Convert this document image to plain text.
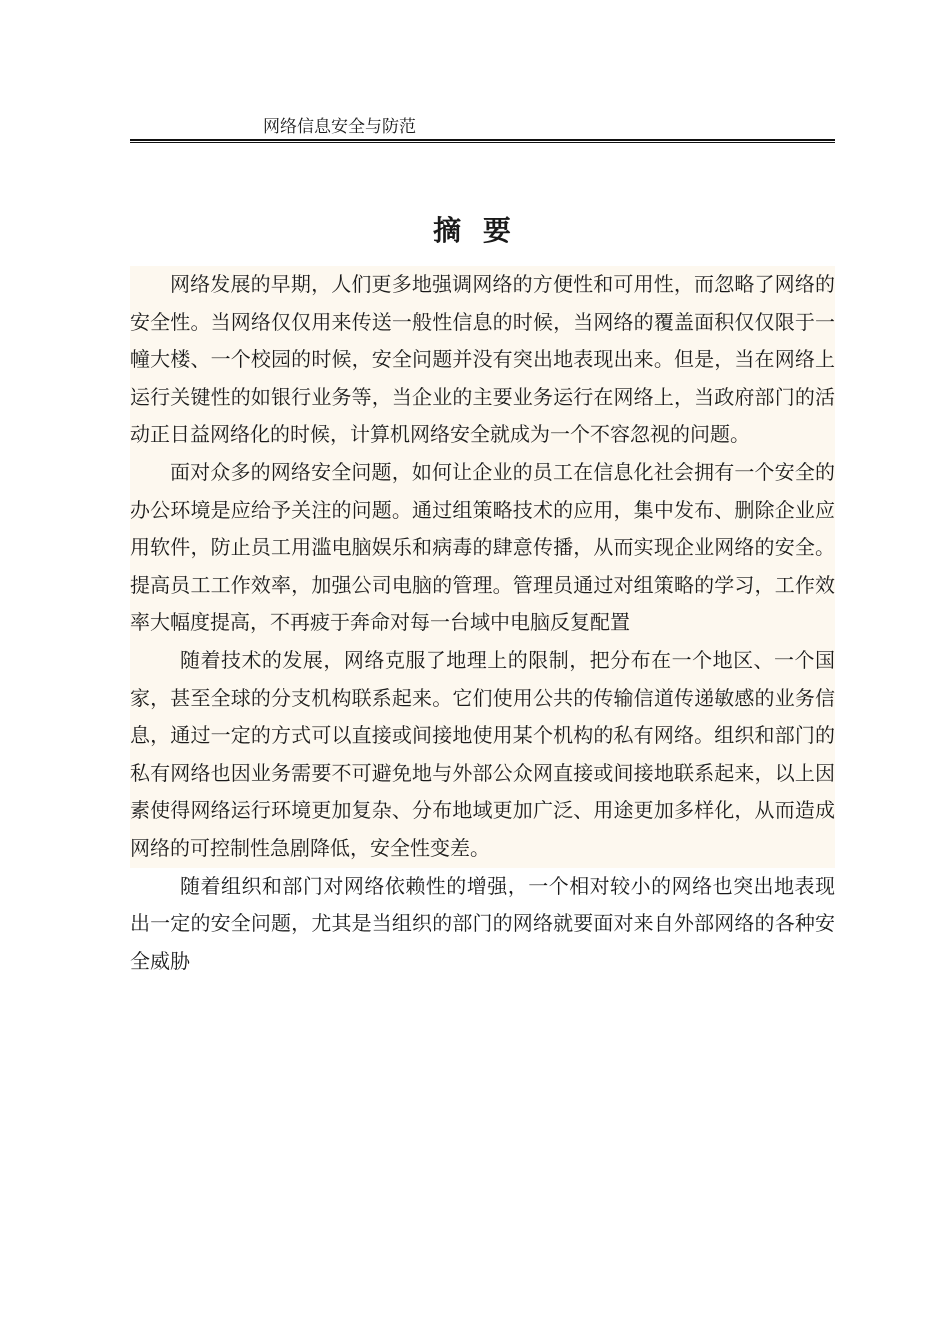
网络信息安全与防范
摘 要

网络发展的早期，人们更多地强调网络的方便性和可用性，而忽略了网络的安全性。当网络仅仅用来传送一般性信息的时候，当网络的覆盖面积仅仅限于一幢大楼、一个校园的时候，安全问题并没有突出地表现出来。但是，当在网络上运行关键性的如银行业务等，当企业的主要业务运行在网络上，当政府部门的活动正日益网络化的时候，计算机网络安全就成为一个不容忽视的问题。

面对众多的网络安全问题，如何让企业的员工在信息化社会拥有一个安全的办公环境是应给予关注的问题。通过组策略技术的应用，集中发布、删除企业应用软件，防止员工用滥电脑娱乐和病毒的肆意传播，从而实现企业网络的安全。提高员工工作效率，加强公司电脑的管理。管理员通过对组策略的学习，工作效率大幅度提高，不再疲于奔命对每一台域中电脑反复配置

随着技术的发展，网络克服了地理上的限制，把分布在一个地区、一个国家，甚至全球的分支机构联系起来。它们使用公共的传输信道传递敏感的业务信息，通过一定的方式可以直接或间接地使用某个机构的私有网络。组织和部门的私有网络也因业务需要不可避免地与外部公众网直接或间接地联系起来，以上因素使得网络运行环境更加复杂、分布地域更加广泛、用途更加多样化，从而造成网络的可控制性急剧降低，安全性变差。

随着组织和部门对网络依赖性的增强，一个相对较小的网络也突出地表现出一定的安全问题，尤其是当组织的部门的网络就要面对来自外部网络的各种安全威胁
